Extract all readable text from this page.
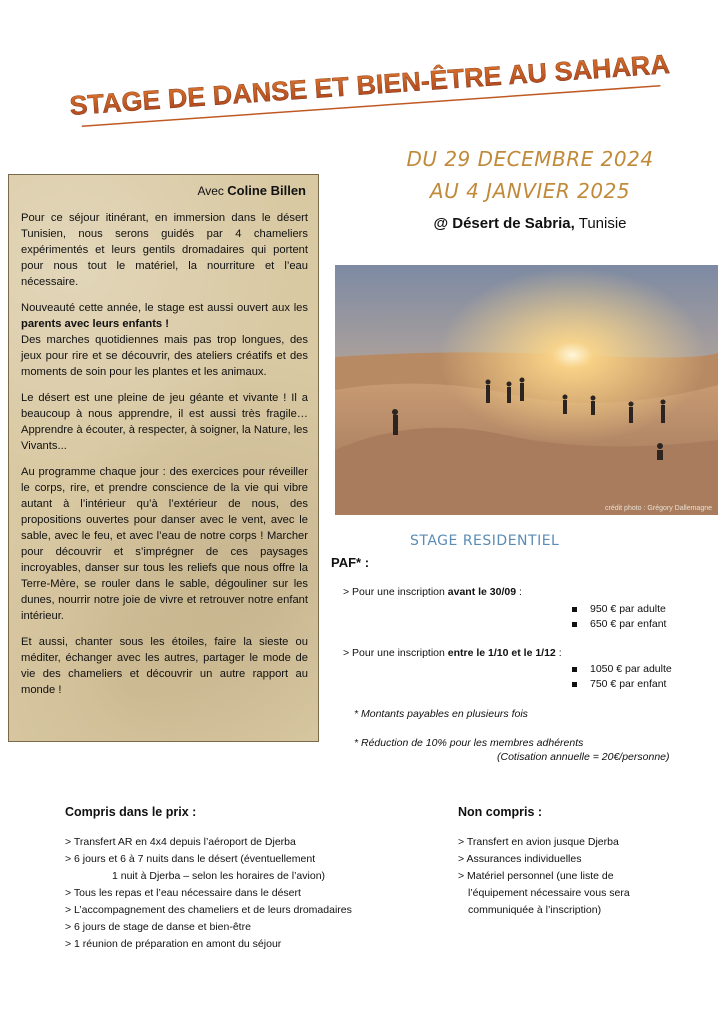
STAGE DE DANSE ET BIEN-ÊTRE AU SAHARA
DU 29 DECEMBRE 2024
AU 4 JANVIER 2025
@ Désert de Sabria, Tunisie
Avec Coline Billen

Pour ce séjour itinérant, en immersion dans le désert Tunisien, nous serons guidés par 4 chameliers expérimentés et leurs gentils dromadaires qui portent pour nous tout le matériel, la nourriture et l’eau nécessaire.

Nouveauté cette année, le stage est aussi ouvert aux les parents avec leurs enfants !
Des marches quotidiennes mais pas trop longues, des jeux pour rire et se découvrir, des ateliers créatifs et des moments de soin pour les plantes et les animaux.

Le désert est une pleine de jeu géante et vivante ! Il a beaucoup à nous apprendre, il est aussi très fragile… Apprendre à écouter, à respecter, à soigner, la Nature, les Vivants...

Au programme chaque jour : des exercices pour réveiller le corps, rire, et prendre conscience de la vie qui vibre autant à l’intérieur qu’à l’extérieur de nous, des propositions ouvertes pour danser avec le vent, avec le sable, avec le feu, et avec l’eau de notre corps ! Marcher pour découvrir et s’imprégner de ces paysages incroyables, danser sur tous les reliefs que nous offre la Terre-Mère, se rouler dans le sable, dégouliner sur les dunes, nourrir notre joie de vivre et retrouver notre enfant intérieur.

Et aussi, chanter sous les étoiles, faire la sieste ou méditer, échanger avec les autres, partager le mode de vie des chameliers et découvrir un autre rapport au monde !

crédit photo : Grégory Dallemagne
STAGE RESIDENTIEL
PAF* :
> Pour une inscription avant le 30/09 :
950 € par adulte
650 € par enfant
> Pour une inscription entre le 1/10 et le 1/12 :
1050 € par adulte
750 € par enfant
* Montants payables en plusieurs fois
* Réduction de 10% pour les membres adhérents
(Cotisation annuelle = 20€/personne)
Compris dans le prix :
> Transfert AR en 4x4 depuis l’aéroport de Djerba
> 6 jours et 6 à 7 nuits dans le désert (éventuellement
1 nuit à Djerba – selon les horaires de l’avion)
> Tous les repas et l’eau nécessaire dans le désert
> L’accompagnement des chameliers et de leurs dromadaires
> 6 jours de stage de danse et bien-être
> 1 réunion de préparation en amont du séjour
Non compris :
> Transfert en avion jusque Djerba
> Assurances individuelles
> Matériel personnel (une liste de
l’équipement nécessaire vous sera
communiquée à l’inscription)
